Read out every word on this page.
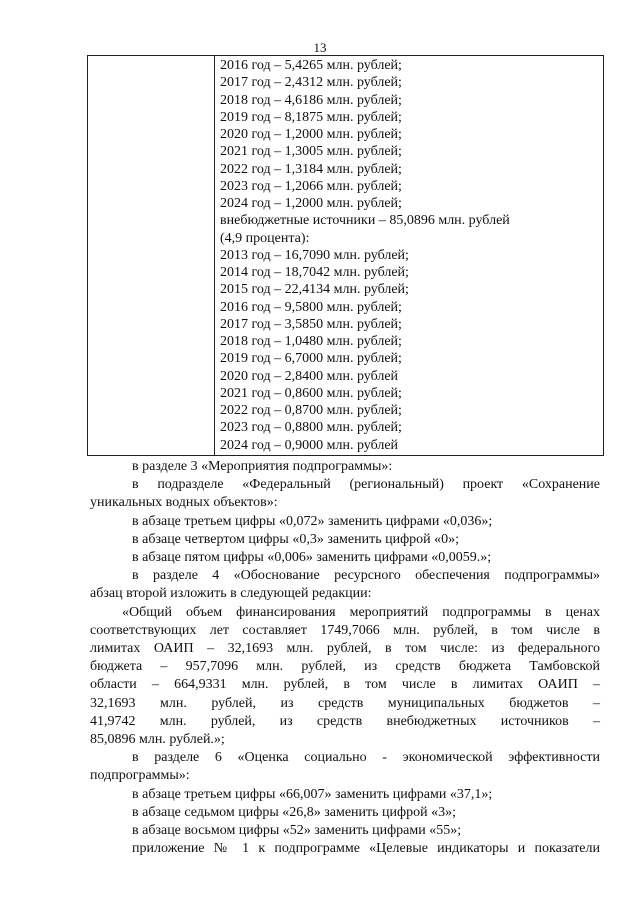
13
2016 год – 5,4265 млн. рублей;
2017 год – 2,4312 млн. рублей;
2018 год – 4,6186 млн. рублей;
2019 год – 8,1875 млн. рублей;
2020 год – 1,2000 млн. рублей;
2021 год – 1,3005 млн. рублей;
2022 год – 1,3184 млн. рублей;
2023 год – 1,2066 млн. рублей;
2024 год – 1,2000 млн. рублей;
внебюджетные источники – 85,0896 млн. рублей
(4,9 процента):
2013 год – 16,7090 млн. рублей;
2014 год – 18,7042 млн. рублей;
2015 год – 22,4134 млн. рублей;
2016 год – 9,5800 млн. рублей;
2017 год – 3,5850 млн. рублей;
2018 год – 1,0480 млн. рублей;
2019 год – 6,7000 млн. рублей;
2020 год – 2,8400 млн. рублей
2021 год – 0,8600 млн. рублей;
2022 год – 0,8700 млн. рублей;
2023 год – 0,8800 млн. рублей;
2024 год – 0,9000 млн. рублей

в разделе 3 «Мероприятия подпрограммы»:

в подразделе «Федеральный (региональный) проект «Сохранение

уникальных водных объектов»:

в абзаце третьем цифры «0,072» заменить цифрами «0,036»;

в абзаце четвертом цифры «0,3» заменить цифрой «0»;

в абзаце пятом цифры «0,006» заменить цифрами «0,0059.»;

в разделе 4 «Обоснование ресурсного обеспечения подпрограммы»

абзац второй изложить в следующей редакции:

«Общий объем финансирования мероприятий подпрограммы в ценах

соответствующих лет составляет 1749,7066 млн. рублей, в том числе в

лимитах ОАИП – 32,1693 млн. рублей, в том числе: из федерального

бюджета – 957,7096 млн. рублей, из средств бюджета Тамбовской

области – 664,9331 млн. рублей, в том числе в лимитах ОАИП –

32,1693 млн. рублей, из средств муниципальных бюджетов –

41,9742 млн. рублей, из средств внебюджетных источников –

85,0896 млн. рублей.»;

в разделе 6 «Оценка социально - экономической эффективности

подпрограммы»:

в абзаце третьем цифры «66,007» заменить цифрами «37,1»;

в абзаце седьмом цифры «26,8» заменить цифрой «3»;

в абзаце восьмом цифры «52» заменить цифрами «55»;

приложение № 1 к подпрограмме «Целевые индикаторы и показатели
